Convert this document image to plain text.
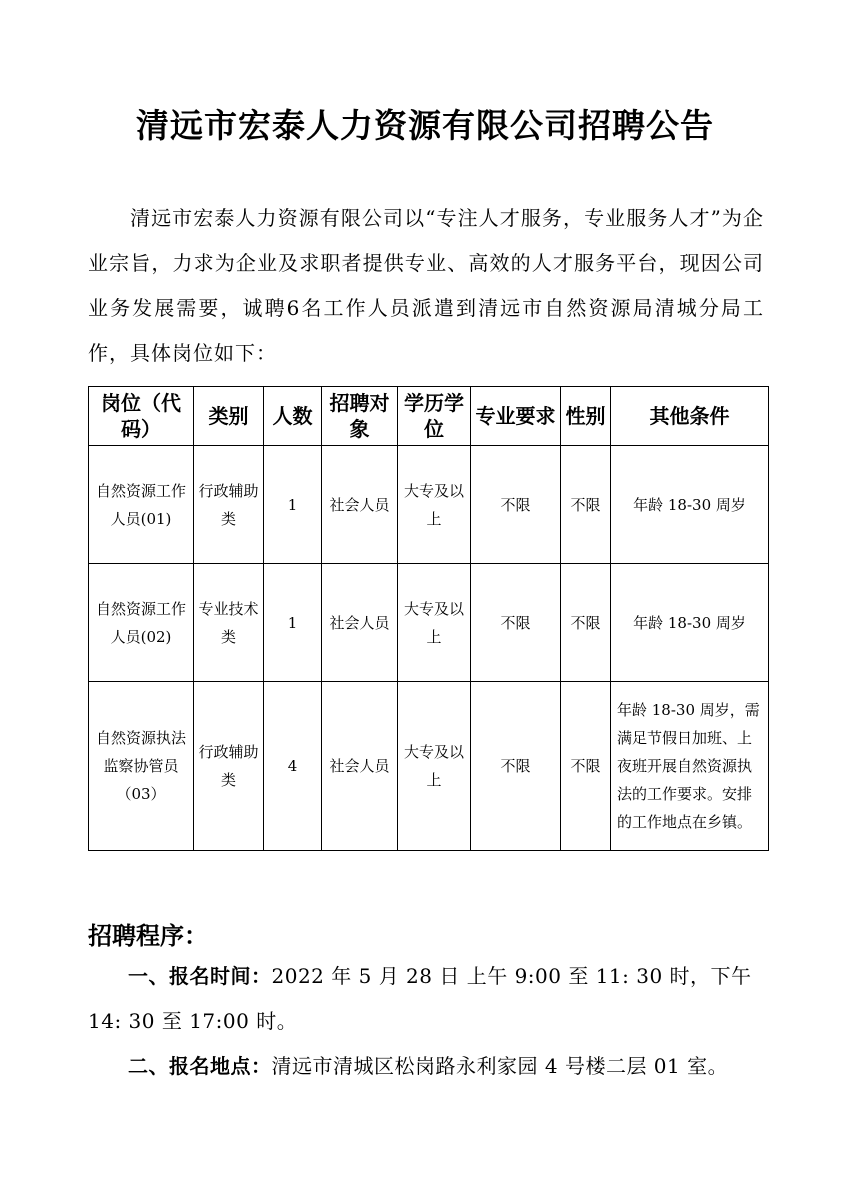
清远市宏泰人力资源有限公司招聘公告

清远市宏泰人力资源有限公司以“专注人才服务，专业服务人才”为企业宗旨，力求为企业及求职者提供专业、高效的人才服务平台，现因公司业务发展需要，诚聘6名工作人员派遣到清远市自然资源局清城分局工作，具体岗位如下：

岗位（代码）	类别	人数	招聘对象	学历学位	专业要求	性别	其他条件
自然资源工作人员(01)	行政辅助类	1	社会人员	大专及以上	不限	不限	年龄 18-30 周岁
自然资源工作人员(02)	专业技术类	1	社会人员	大专及以上	不限	不限	年龄 18-30 周岁
自然资源执法监察协管员（03）	行政辅助类	4	社会人员	大专及以上	不限	不限	年龄 18-30 周岁，需满足节假日加班、上夜班开展自然资源执法的工作要求。安排的工作地点在乡镇。
招聘程序：

一、报名时间：2022 年 5 月 28 日 上午 9:00 至 11: 30 时，下午 14: 30 至 17:00 时。

二、报名地点：清远市清城区松岗路永利家园 4 号楼二层 01 室。
